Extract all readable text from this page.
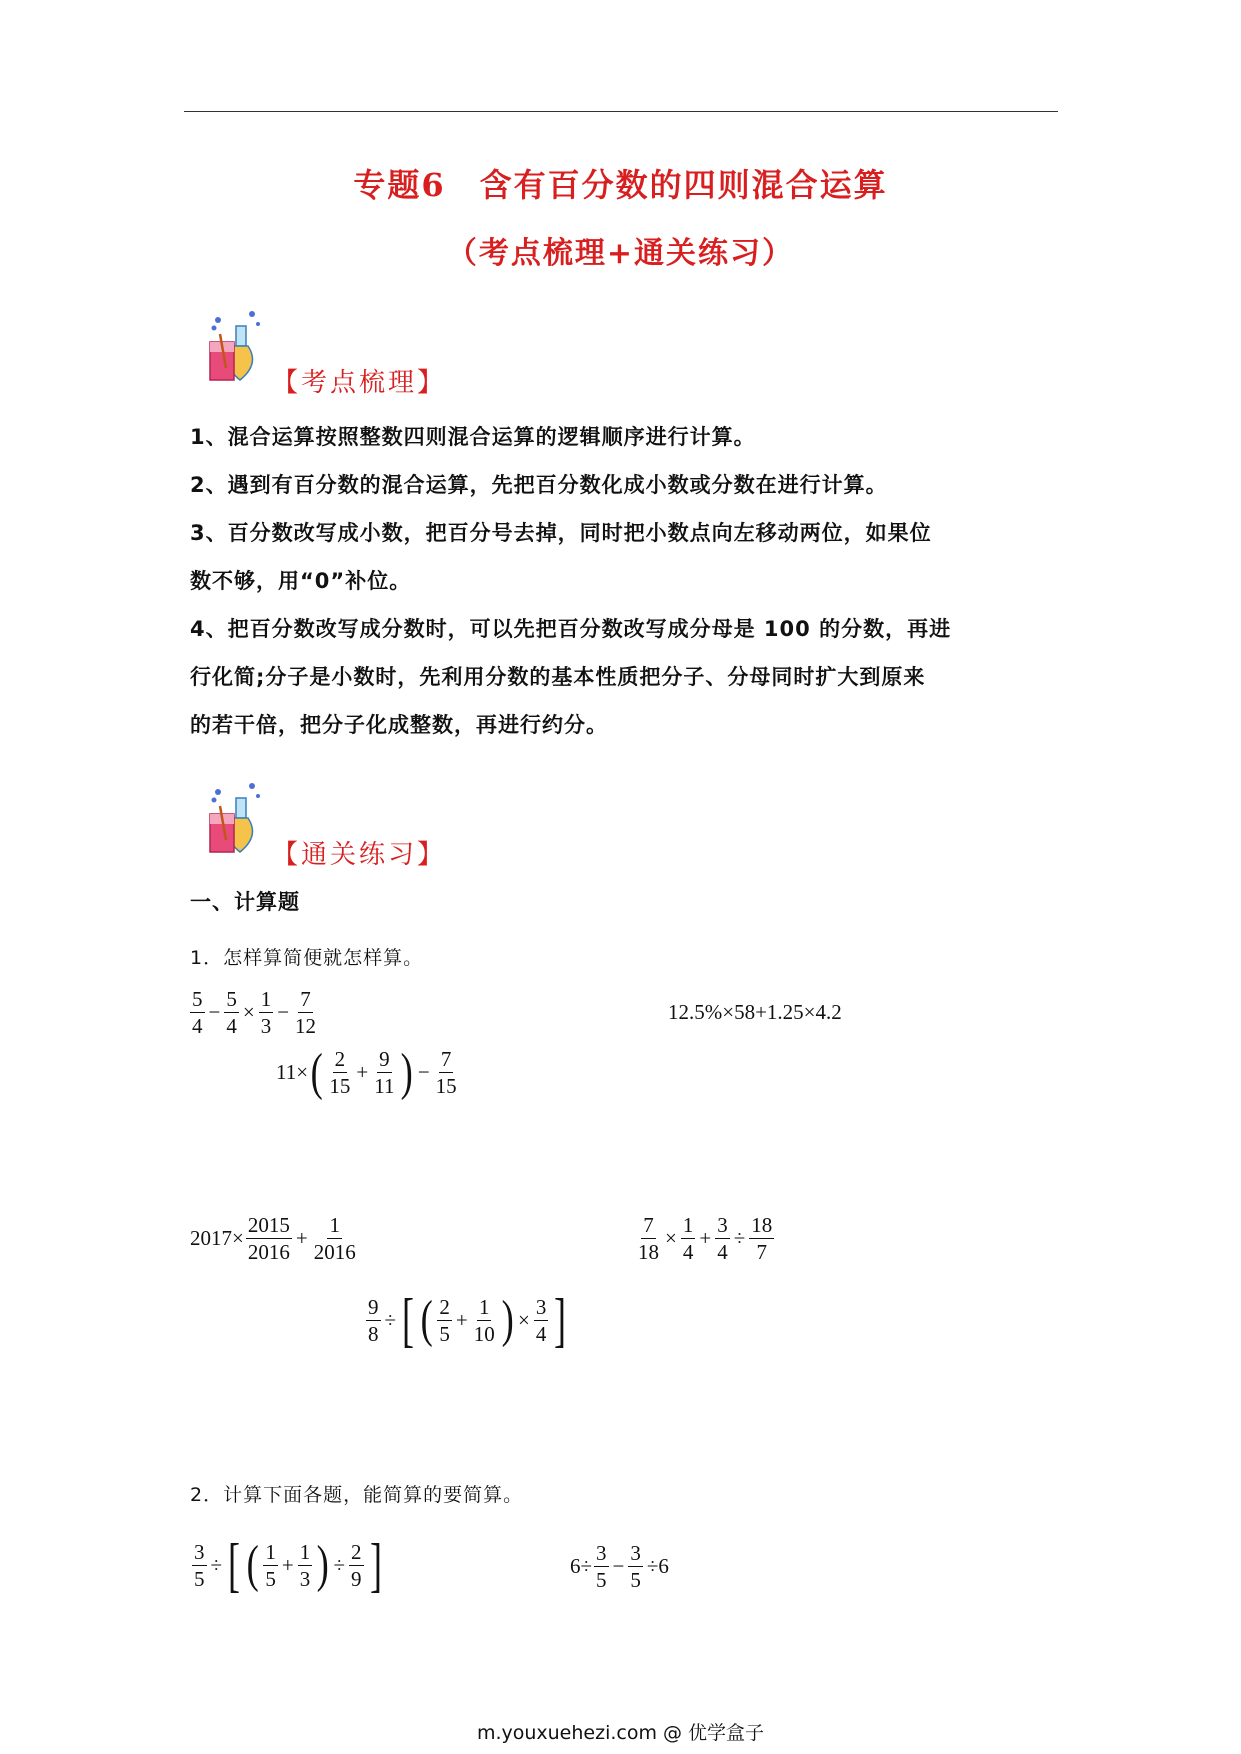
专题6　含有百分数的四则混合运算
（考点梳理+通关练习）
【考点梳理】
1、混合运算按照整数四则混合运算的逻辑顺序进行计算。
2、遇到有百分数的混合运算，先把百分数化成小数或分数在进行计算。
3、百分数改写成小数，把百分号去掉，同时把小数点向左移动两位，如果位
数不够，用“0”补位。
4、把百分数改写成分数时，可以先把百分数改写成分母是 100 的分数，再进
行化简;分子是小数时，先利用分数的基本性质把分子、分母同时扩大到原来
的若干倍，把分子化成整数，再进行约分。
【通关练习】
一、计算题
1．怎样算简便就怎样算。
$\frac{5}{4} - \frac{5}{4} \times \frac{1}{3} - \frac{7}{12}$	12.5%×58+1.25×4.2
11× ( $\frac{2}{15} + \frac{9}{11}$ ) − $\frac{7}{15}$
$2017\times \frac{2015}{2016} + \frac{1}{2016}$	$\frac{7}{18} \times \frac{1}{4} + \frac{3}{4} \div \frac{18}{7}$
$\frac{9}{8}$ ÷ [ ( $\frac{2}{5} + \frac{1}{10}$ ) × $\frac{3}{4}$ ]
2．计算下面各题，能简算的要简算。
$\frac{3}{5}$ ÷ [ ( $\frac{1}{5} + \frac{1}{3}$ ) ÷ $\frac{2}{9}$ ]	$6\div \frac{3}{5} - \frac{3}{5} \div 6$
m.youxuehezi.com @ 优学盒子
